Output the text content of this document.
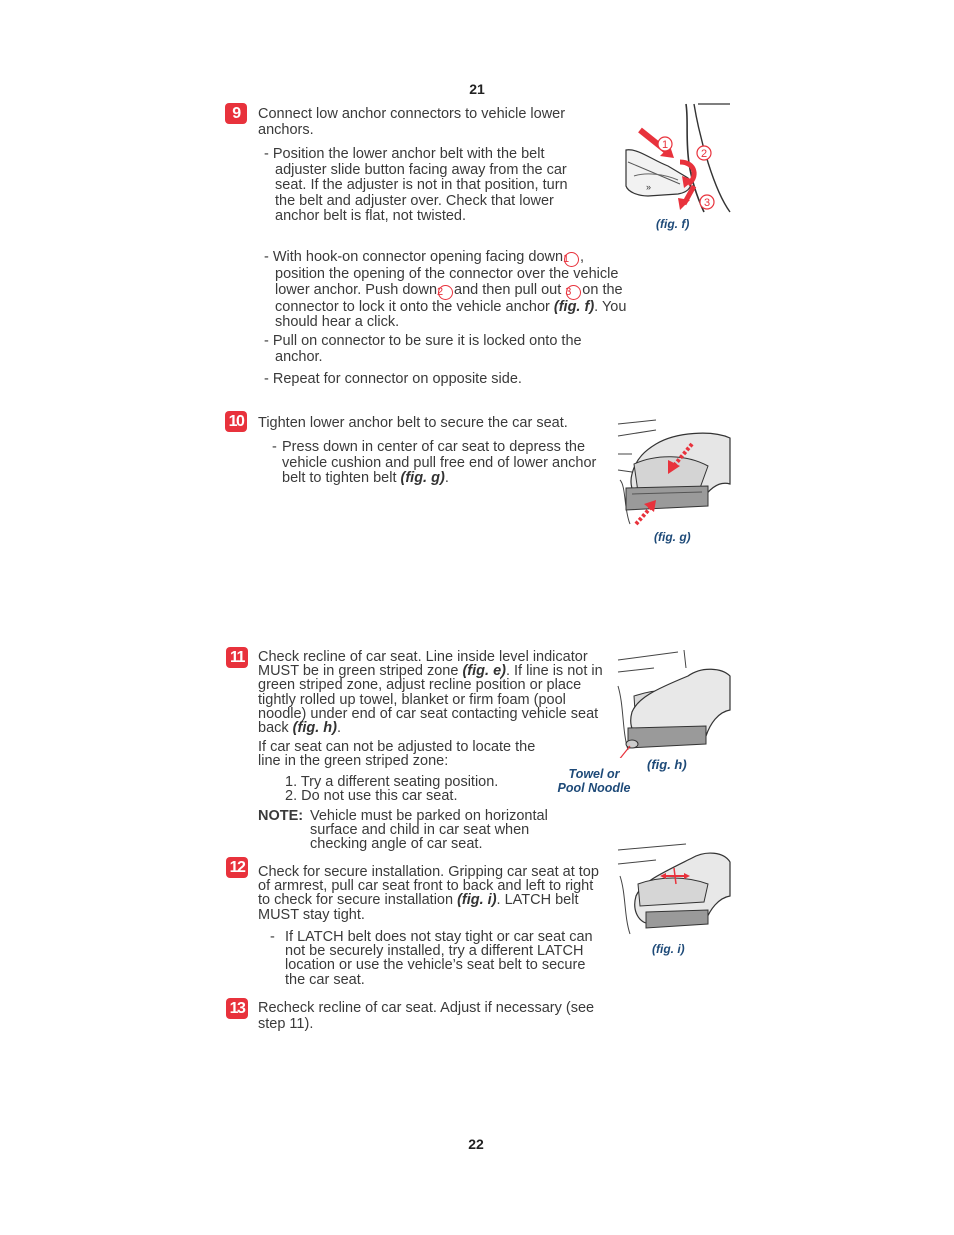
21
22
9	Connect low anchor connectors to vehicle lower anchors.

- Position the lower anchor belt with the belt adjuster slide button facing away from the car seat. If the adjuster is not in that position, turn the belt and adjuster over. Check that lower anchor belt is flat, not twisted.

- With hook-on connector opening facing down1 , position the opening of the connector over the vehicle lower anchor. Push down2 and then pull out 3 on the connector to lock it onto the vehicle anchor (fig. f). You should hear a click.

- Pull on connector to be sure it is locked onto the anchor.

- Repeat for connector on opposite side.

»
1
2
3
(fig. f)
10 Tighten lower anchor belt to secure the car seat.

- Press down in center of car seat to depress the vehicle cushion and pull free end of lower anchor belt to tighten belt (fig. g).

(fig. g)
11 Check recline of car seat. Line inside level indicator MUST be in green striped zone (fig. e). If line is not in green striped zone, adjust recline position or place tightly rolled up towel, blanket or firm foam (pool noodle) under end of car seat contacting vehicle seat back (fig. h).

If car seat can not be adjusted to locate the line in the green striped zone:

1. Try a different seating position.

2. Do not use this car seat.

NOTE: Vehicle must be parked on horizontal surface and child in car seat when checking angle of car seat.

Towel or
Pool Noodle
(fig. h)
12 Check for secure installation. Gripping car seat at top of armrest, pull car seat front to back and left to right to check for secure installation (fig. i). LATCH belt MUST stay tight.

- If LATCH belt does not stay tight or car seat can not be securely installed, try a different LATCH location or use the vehicle’s seat belt to secure the car seat.

(fig. i)
13 Recheck recline of car seat. Adjust if necessary (see step 11).
